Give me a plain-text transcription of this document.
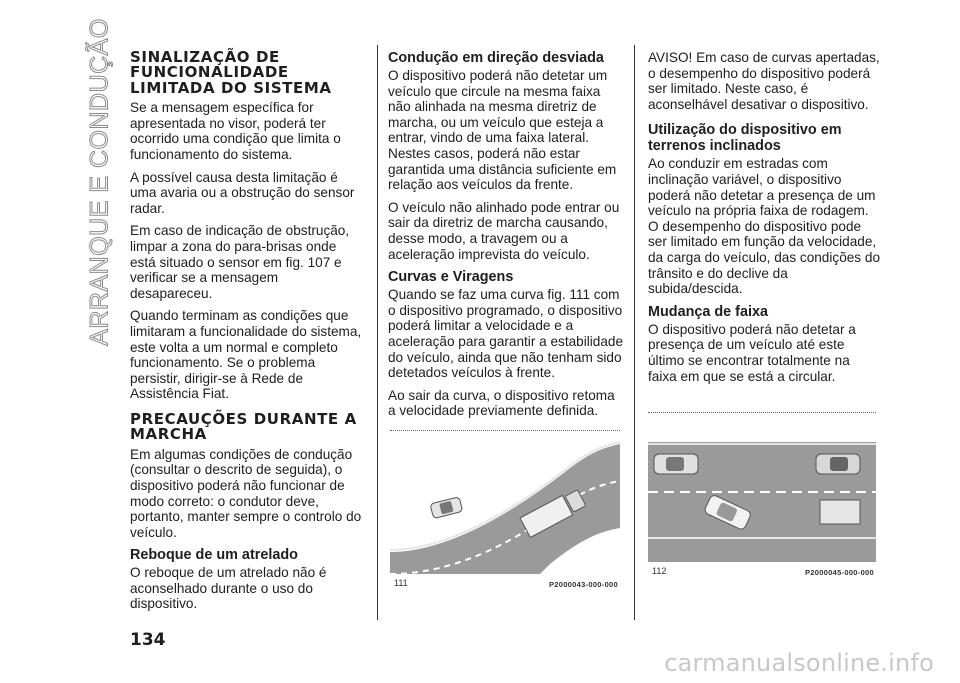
ARRANQUE E CONDUÇÃO SINALIZAÇÃO DE FUNCIONALIDADE LIMITADA DO SISTEMA

Se a mensagem específica for apresentada no visor, poderá ter ocorrido uma condição que limita o funcionamento do sistema.

A possível causa desta limitação é uma avaria ou a obstrução do sensor radar.

Em caso de indicação de obstrução, limpar a zona do para-brisas onde está situado o sensor em fig. 107 e verificar se a mensagem desapareceu.

Quando terminam as condições que limitaram a funcionalidade do sistema, este volta a um normal e completo funcionamento. Se o problema persistir, dirigir-se à Rede de Assistência Fiat.

PRECAUÇÕES DURANTE A MARCHA

Em algumas condições de condução (consultar o descrito de seguida), o dispositivo poderá não funcionar de modo correto: o condutor deve, portanto, manter sempre o controlo do veículo.

Reboque de um atrelado

O reboque de um atrelado não é aconselhado durante o uso do dispositivo.

Condução em direção desviada

O dispositivo poderá não detetar um veículo que circule na mesma faixa não alinhada na mesma diretriz de marcha, ou um veículo que esteja a entrar, vindo de uma faixa lateral. Nestes casos, poderá não estar garantida uma distância suficiente em relação aos veículos da frente.

O veículo não alinhado pode entrar ou sair da diretriz de marcha causando, desse modo, a travagem ou a aceleração imprevista do veículo.

Curvas e Viragens

Quando se faz uma curva fig. 111 com o dispositivo programado, o dispositivo poderá limitar a velocidade e a aceleração para garantir a estabilidade do veículo, ainda que não tenham sido detetados veículos à frente.

Ao sair da curva, o dispositivo retoma a velocidade previamente definida.

111	P2000043-000-000

AVISO! Em caso de curvas apertadas, o desempenho do dispositivo poderá ser limitado. Neste caso, é aconselhável desativar o dispositivo.

Utilização do dispositivo em terrenos inclinados

Ao conduzir em estradas com inclinação variável, o dispositivo poderá não detetar a presença de um veículo na própria faixa de rodagem. O desempenho do dispositivo pode ser limitado em função da velocidade, da carga do veículo, das condições do trânsito e do declive da subida/descida.

Mudança de faixa

O dispositivo poderá não detetar a presença de um veículo até este último se encontrar totalmente na faixa em que se está a circular.

112	P2000045-000-000
134
carmanualsonline.info
